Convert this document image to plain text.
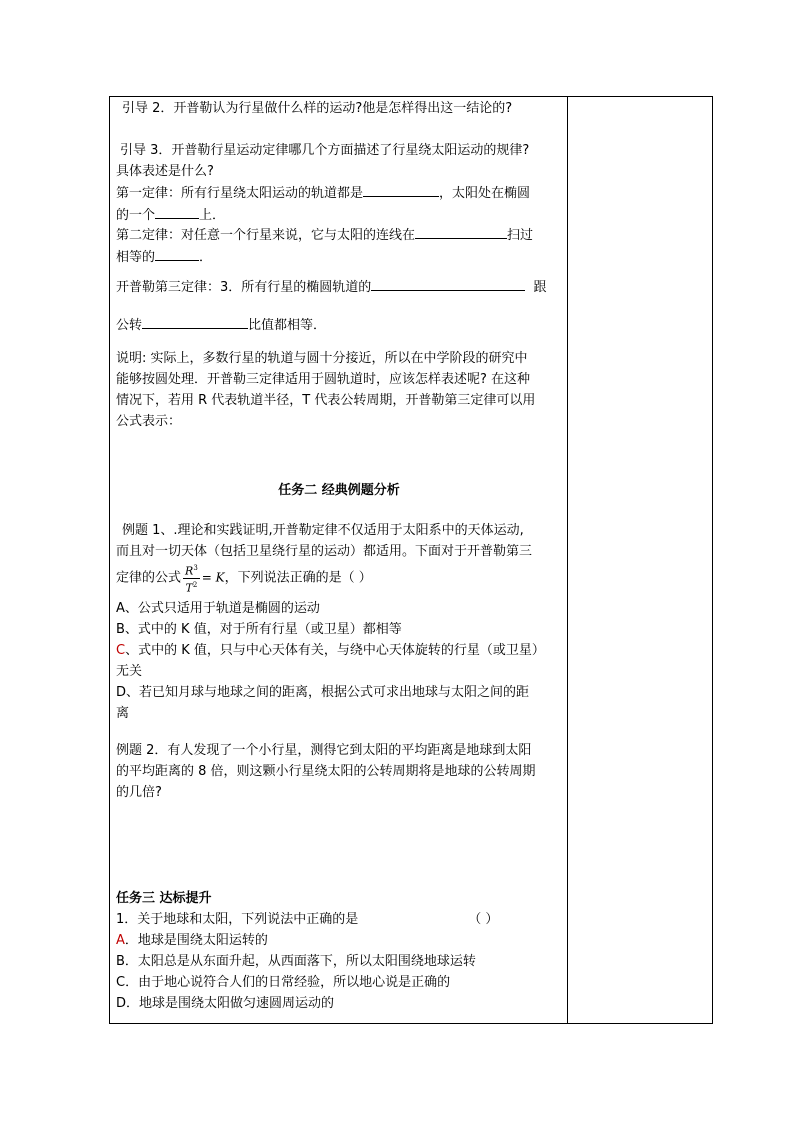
引导 2．开普勒认为行星做什么样的运动?他是怎样得出这一结论的?
引导 3．开普勒行星运动定律哪几个方面描述了行星绕太阳运动的规律?
具体表述是什么?
第一定律：所有行星绕太阳运动的轨道都是	，太阳处在椭圆
的一个	上．
第二定律：对任意一个行星来说，它与太阳的连线在	扫过
相等的	．
开普勒第三定律：3．所有行星的椭圆轨道的	跟
公转	比值都相等．
说明: 实际上，多数行星的轨道与圆十分接近，所以在中学阶段的研究中
能够按圆处理．开普勒三定律适用于圆轨道时，应该怎样表述呢? 在这种
情况下，若用 R 代表轨道半径，T 代表公转周期，开普勒第三定律可以用
公式表示：
任务二 经典例题分析
例题 1、.理论和实践证明,开普勒定律不仅适用于太阳系中的天体运动,
而且对一切天体（包括卫星绕行星的运动）都适用。下面对于开普勒第三
定律的公式 $\frac{R^3}{T^2} = K$，下列说法正确的是（ ）
A、公式只适用于轨道是椭圆的运动
B、式中的 K 值，对于所有行星（或卫星）都相等
C、式中的 K 值，只与中心天体有关，与绕中心天体旋转的行星（或卫星）
无关
D、若已知月球与地球之间的距离，根据公式可求出地球与太阳之间的距
离
例题 2．有人发现了一个小行星，测得它到太阳的平均距离是地球到太阳
的平均距离的 8 倍，则这颗小行星绕太阳的公转周期将是地球的公转周期
的几倍?
任务三 达标提升
1．关于地球和太阳，下列说法中正确的是	（ ）
A．地球是围绕太阳运转的
B．太阳总是从东面升起，从西面落下，所以太阳围绕地球运转
C．由于地心说符合人们的日常经验，所以地心说是正确的
D．地球是围绕太阳做匀速圆周运动的
